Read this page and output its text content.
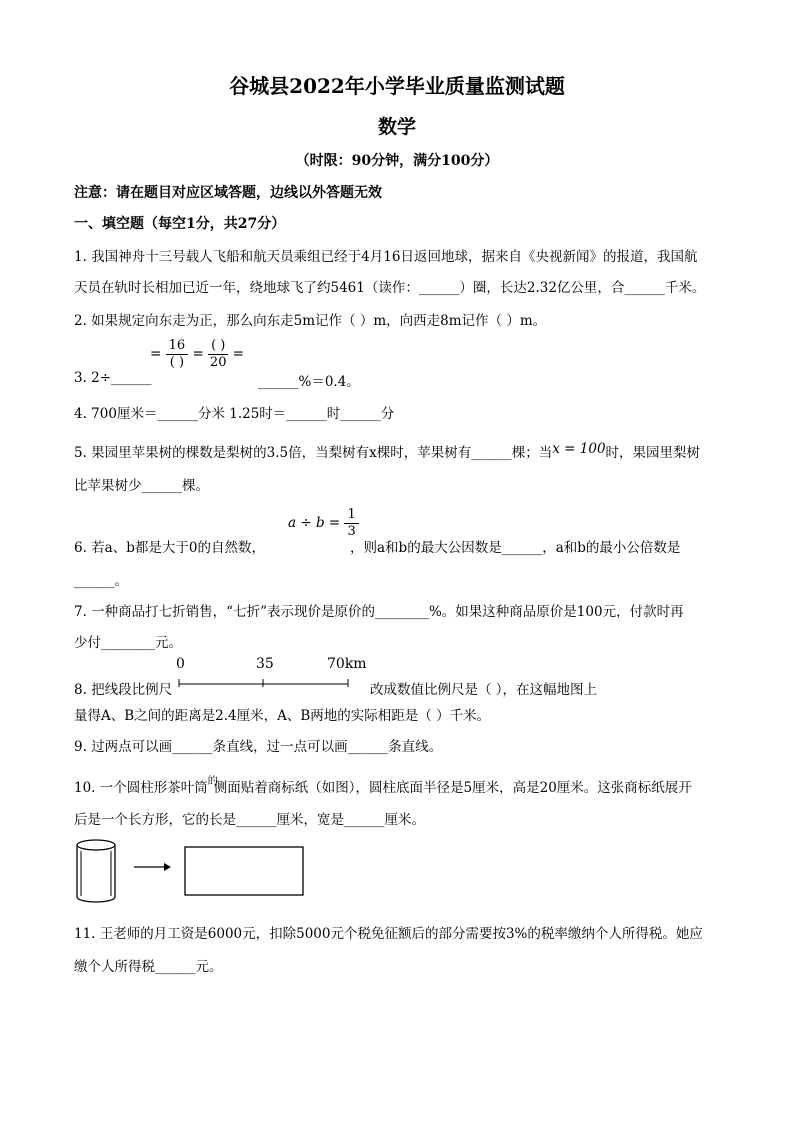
谷城县2022年小学毕业质量监测试题
数学
（时限：90分钟，满分100分）
注意：请在题目对应区域答题，边线以外答题无效
一、填空题（每空1分，共27分）
1. 我国神舟十三号载人飞船和航天员乘组已经于4月16日返回地球，据来自《央视新闻》的报道，我国航
天员在轨时长相加已近一年，绕地球飞了约5461（读作：______）圈，长达2.32亿公里，合______千米。
2. 如果规定向东走为正，那么向东走5m记作（ ）m，向西走8m记作（ ）m。
3. 2÷______
= $\frac{16}{( )} = \frac{( )}{20}$ =
______%＝0.4。
4. 700厘米＝______分米 1.25时＝______时______分
5. 果园里苹果树的棵数是梨树的3.5倍，当梨树有x棵时，苹果树有______棵；当x = 100时，果园里梨树
比苹果树少______棵。
$a \div b = \frac{1}{3}$
6. 若a、b都是大于0的自然数，	，则a和b的最大公因数是______，a和b的最小公倍数是
______。
7. 一种商品打七折销售，“七折”表示现价是原价的________%。如果这种商品原价是100元，付款时再
少付________元。
0	35	70km
8. 把线段比例尺	改成数值比例尺是（ ），在这幅地图上
量得A、B之间的距离是2.4厘米，A、B两地的实际相距是（ ）千米。
9. 过两点可以画______条直线，过一点可以画______条直线。
10. 一个圆柱形茶叶筒$^的$侧面贴着商标纸（如图），圆柱底面半径是5厘米，高是20厘米。这张商标纸展开
后是一个长方形，它的长是______厘米，宽是______厘米。
11. 王老师的月工资是6000元，扣除5000元个税免征额后的部分需要按3%的税率缴纳个人所得税。她应
缴个人所得税______元。
